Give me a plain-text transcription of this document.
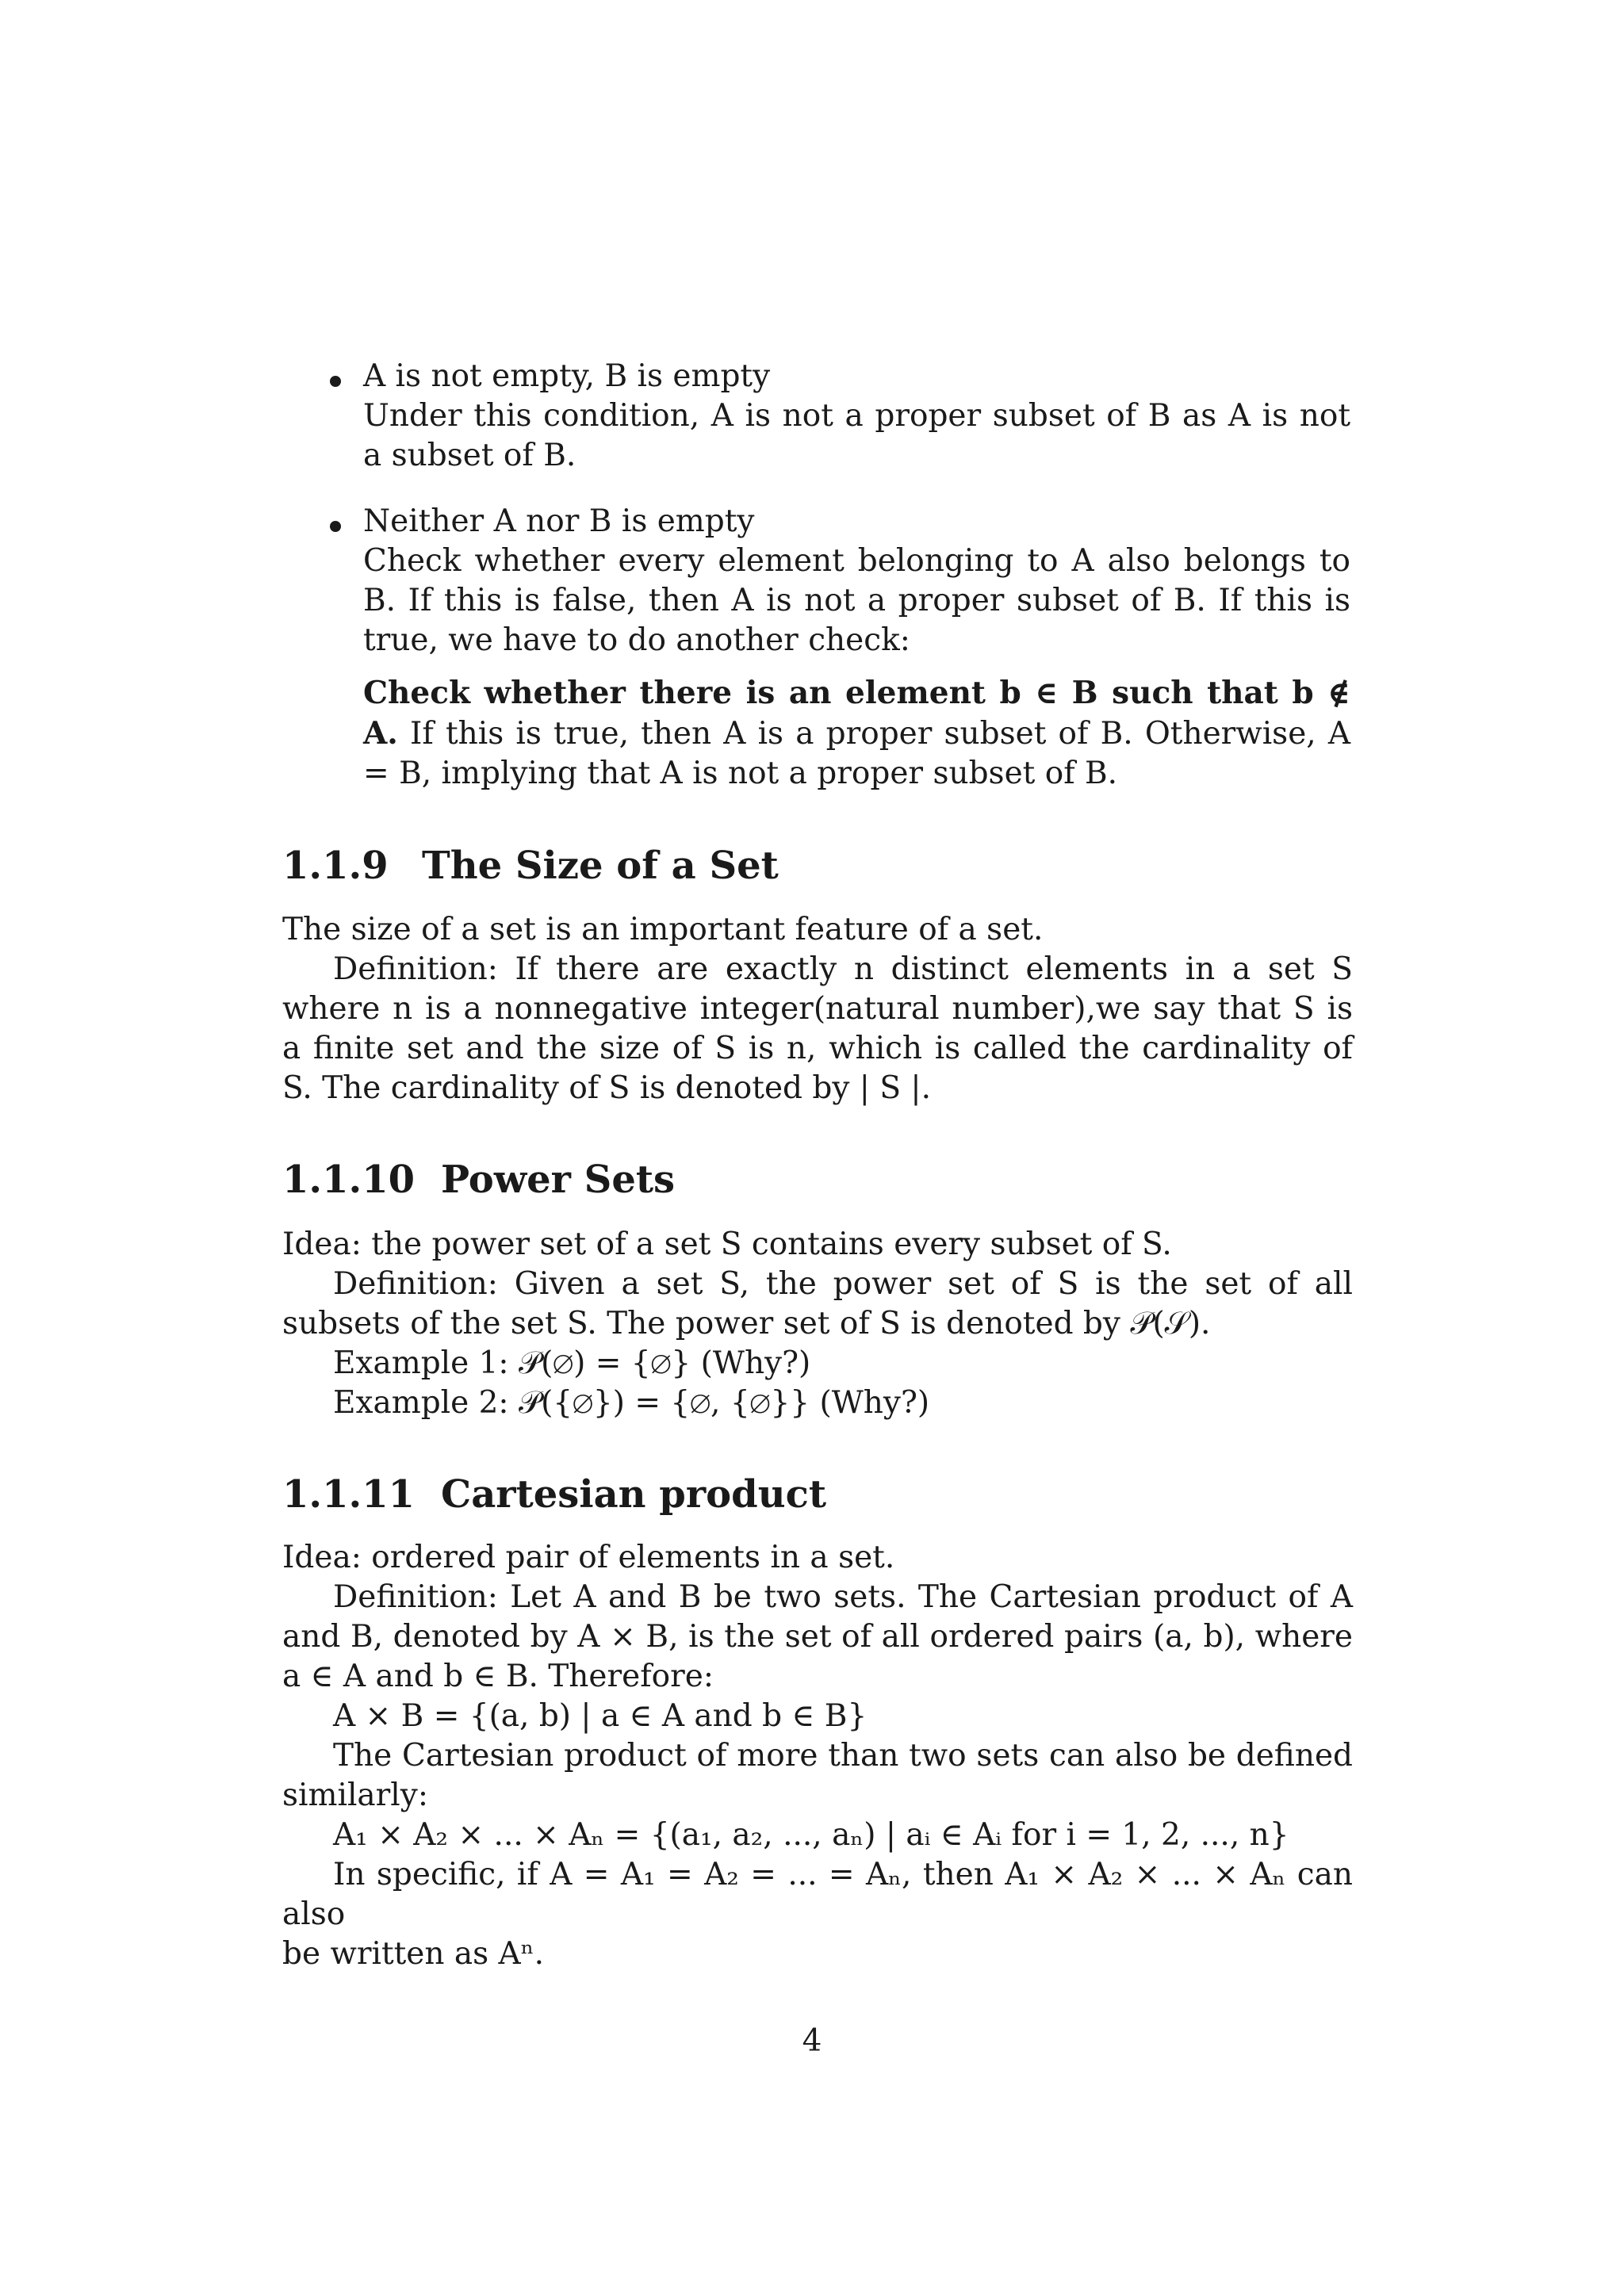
A is not empty, B is empty
Under this condition, A is not a proper subset of B as A is not a subset of B.
Neither A nor B is empty
Check whether every element belonging to A also belongs to B. If this is false, then A is not a proper subset of B. If this is true, we have to do another check:
Check whether there is an element b ∈ B such that b ∉ A. If this is true, then A is a proper subset of B. Otherwise, A = B, implying that A is not a proper subset of B.
1.1.9 The Size of a Set
The size of a set is an important feature of a set.
Definition: If there are exactly n distinct elements in a set S where n is a nonnegative integer(natural number),we say that S is a finite set and the size of S is n, which is called the cardinality of S. The cardinality of S is denoted by | S |.
1.1.10 Power Sets
Idea: the power set of a set S contains every subset of S.
Definition: Given a set S, the power set of S is the set of all subsets of the set S. The power set of S is denoted by 𝒫(𝒮).
Example 1: 𝒫(∅) = {∅} (Why?)
Example 2: 𝒫({∅}) = {∅, {∅}} (Why?)
1.1.11 Cartesian product
Idea: ordered pair of elements in a set.
Definition: Let A and B be two sets. The Cartesian product of A and B, denoted by A × B, is the set of all ordered pairs (a, b), where a ∈ A and b ∈ B. Therefore:
A × B = {(a, b) | a ∈ A and b ∈ B}
The Cartesian product of more than two sets can also be defined similarly:
A₁ × A₂ × ... × Aₙ = {(a₁, a₂, ..., aₙ) | aᵢ ∈ Aᵢ for i = 1, 2, ..., n}
In specific, if A = A₁ = A₂ = ... = Aₙ, then A₁ × A₂ × ... × Aₙ can also
be written as Aⁿ.
4
